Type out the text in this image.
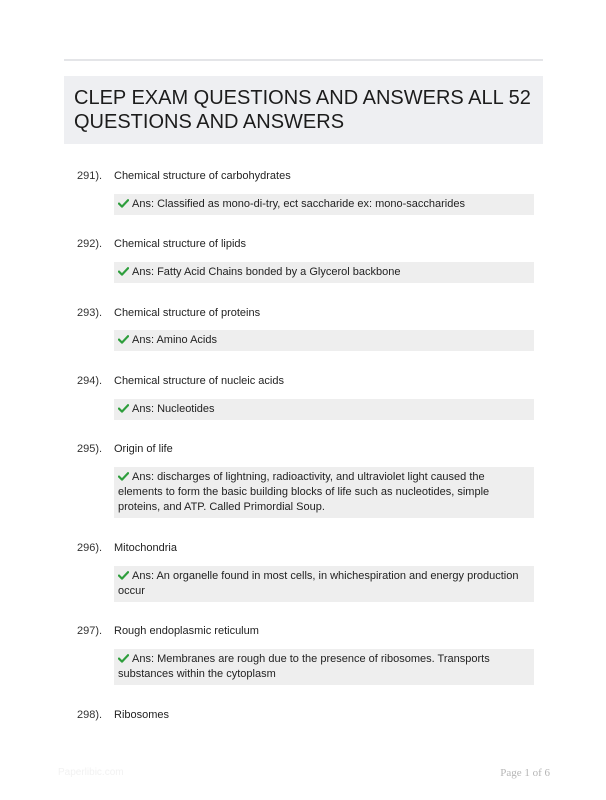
CLEP EXAM QUESTIONS AND ANSWERS ALL 52 QUESTIONS AND ANSWERS
291). Chemical structure of carbohydrates
Ans: Classified as mono-di-try, ect saccharide ex: mono-saccharides
292). Chemical structure of lipids
Ans: Fatty Acid Chains bonded by a Glycerol backbone
293). Chemical structure of proteins
Ans: Amino Acids
294). Chemical structure of nucleic acids
Ans: Nucleotides
295). Origin of life
Ans: discharges of lightning, radioactivity, and ultraviolet light caused the elements to form the basic building blocks of life such as nucleotides, simple proteins, and ATP. Called Primordial Soup.
296). Mitochondria
Ans: An organelle found in most cells, in whichespiration and energy production occur
297). Rough endoplasmic reticulum
Ans: Membranes are rough due to the presence of ribosomes. Transports substances within the cytoplasm
298). Ribosomes
Paperlibic.com	Page 1 of 6
